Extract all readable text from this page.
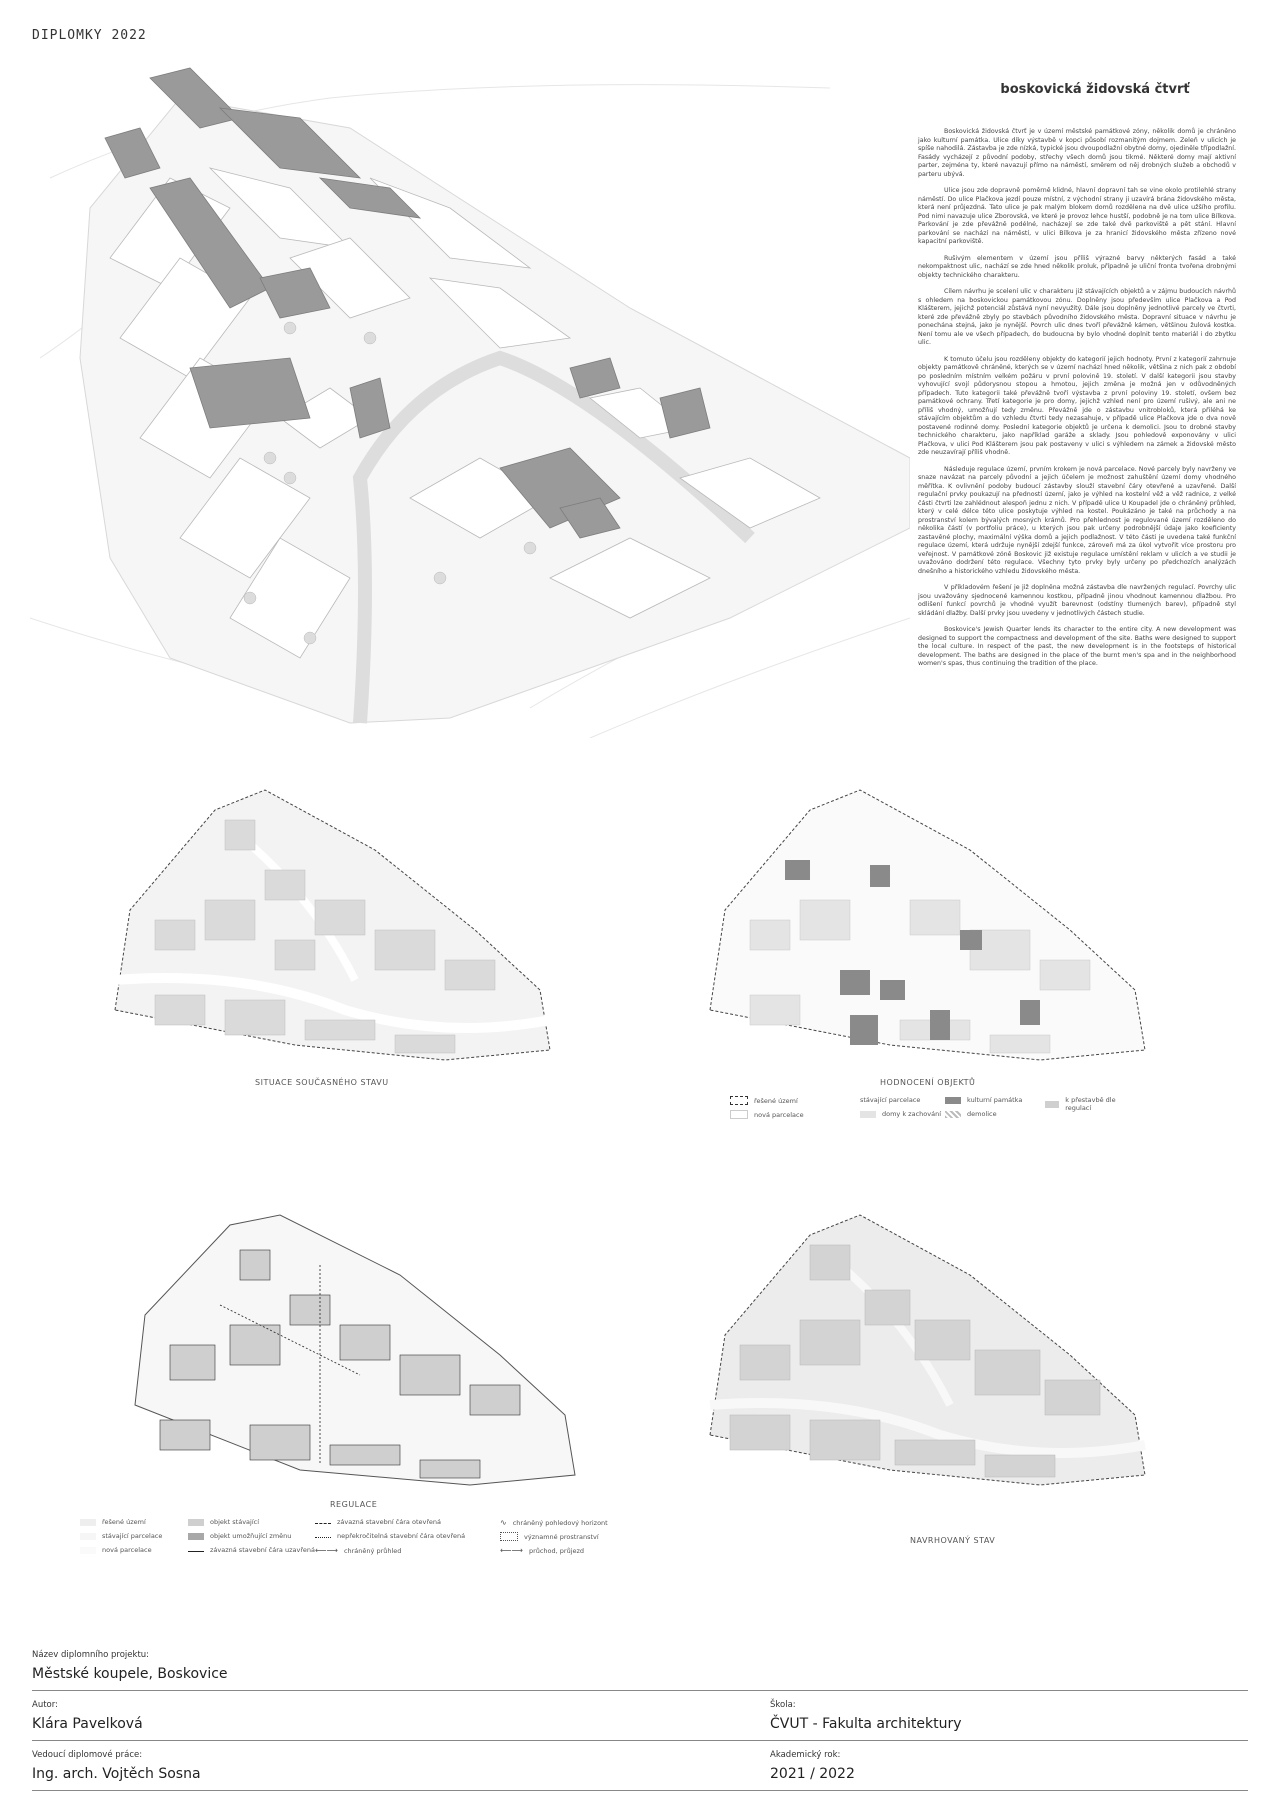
DIPLOMKY 2022
boskovická židovská čtvrť

Boskovická židovská čtvrť je v území městské památkové zóny, několik domů je chráněno jako kulturní památka. Ulice díky výstavbě v kopci působí rozmanitým dojmem. Zeleň v ulicích je spíše nahodilá. Zástavba je zde nízká, typické jsou dvoupodlažní obytné domy, ojediněle třípodlažní. Fasády vycházejí z původní podoby, střechy všech domů jsou tikmé. Některé domy mají aktivní parter, zejména ty, které navazují přímo na náměstí, směrem od něj drobných služeb a obchodů v parteru ubývá.

Ulice jsou zde dopravně poměrně klidné, hlavní dopravní tah se vine okolo protilehlé strany náměstí. Do ulice Plačkova jezdí pouze místní, z východní strany ji uzavírá brána židovského města, která není průjezdná. Tato ulice je pak malým blokem domů rozdělena na dvě ulice užšího profilu. Pod nimi navazuje ulice Zborovská, ve které je provoz lehce hustší, podobně je na tom ulice Bílkova. Parkování je zde převážně podélné, nacházejí se zde také dvě parkoviště a pět stání. Hlavní parkování se nachází na náměstí, v ulici Bílkova je za hranicí židovského města zřízeno nové kapacitní parkoviště.

Rušivým elementem v území jsou příliš výrazné barvy některých fasád a také nekompaktnost ulic, nachází se zde hned několik proluk, případně je uliční fronta tvořena drobnými objekty technického charakteru.

Cílem návrhu je scelení ulic v charakteru již stávajících objektů a v zájmu budoucích návrhů s ohledem na boskovickou památkovou zónu. Doplněny jsou především ulice Plačkova a Pod Klášterem, jejichž potenciál zůstává nyní nevyužitý. Dále jsou doplněny jednotlivé parcely ve čtvrti, které zde převážně zbyly po stavbách původního židovského města. Dopravní situace v návrhu je ponechána stejná, jako je nynější. Povrch ulic dnes tvoří převážně kámen, většinou žulová kostka. Není tomu ale ve všech případech, do budoucna by bylo vhodné doplnit tento materiál i do zbytku ulic.

K tomuto účelu jsou rozděleny objekty do kategorií jejich hodnoty. První z kategorií zahrnuje objekty památkově chráněné, kterých se v území nachází hned několik, většina z nich pak z období po posledním místním velkém požáru v první polovině 19. století. V další kategorii jsou stavby vyhovující svojí půdorysnou stopou a hmotou, jejich změna je možná jen v odůvodněných případech. Tuto kategorii také převážně tvoří výstavba z první poloviny 19. století, ovšem bez památkové ochrany. Třetí kategorie je pro domy, jejichž vzhled není pro území rušivý, ale ani ne příliš vhodný, umožňují tedy změnu. Převážně jde o zástavbu vnitrobloků, která přiléhá ke stávajícím objektům a do vzhledu čtvrti tedy nezasahuje, v případě ulice Plačkova jde o dva nově postavené rodinné domy. Poslední kategorie objektů je určena k demolici. Jsou to drobné stavby technického charakteru, jako například garáže a sklady. Jsou pohledově exponovány v ulici Plačkova, v ulici Pod Klášterem jsou pak postaveny v ulici s výhledem na zámek a židovské město zde neuzavírají příliš vhodně.

Následuje regulace území, prvním krokem je nová parcelace. Nové parcely byly navrženy ve snaze navázat na parcely původní a jejich účelem je možnost zahuštění území domy vhodného měřítka. K ovlivnění podoby budoucí zástavby slouží stavební čáry otevřené a uzavřené. Další regulační prvky poukazují na předností území, jako je výhled na kostelní věž a věž radnice, z velké části čtvrti lze zahlédnout alespoň jednu z nich. V případě ulice U Koupadel jde o chráněný průhled, který v celé délce této ulice poskytuje výhled na kostel. Poukázáno je také na průchody a na prostranství kolem bývalých mosných krámů. Pro přehlednost je regulované území rozděleno do několika částí (v portfoliu práce), u kterých jsou pak určeny podrobnější údaje jako koeficienty zastavěné plochy, maximální výška domů a jejich podlažnost. V této části je uvedena také funkční regulace území, která udržuje nynější zdejší funkce, zároveň má za úkol vytvořit více prostoru pro veřejnost. V památkové zóně Boskovic již existuje regulace umístění reklam v ulicích a ve studii je uvažováno dodržení této regulace. Všechny tyto prvky byly určeny po předchozích analýzách dnešního a historického vzhledu židovského města.

V příkladovém řešení je již doplněna možná zástavba dle navržených regulací. Povrchy ulic jsou uvažovány sjednocené kamennou kostkou, případně jinou vhodnout kamennou dlažbou. Pro odlišení funkcí povrchů je vhodné využít barevnost (odstíny tlumených barev), případně styl skládání dlažby. Další prvky jsou uvedeny v jednotlivých částech studie.

Boskovice's Jewish Quarter lends its character to the entire city. A new development was designed to support the compactness and development of the site. Baths were designed to support the local culture. In respect of the past, the new development is in the footsteps of historical development. The baths are designed in the place of the burnt men's spa and in the neighborhood women's spas, thus continuing the tradition of the place.

SITUACE SOUČASNÉHO STAVU	HODNOCENÍ OBJEKTŮ
řešené území
nová parcelace
stávající parcelace
domy k zachování
kulturní památka
demolice
k přestavbě dle regulací
REGULACE
řešené území
stávající parcelace
nová parcelace
objekt stávající
objekt umožňující změnu
závazná stavební čára uzavřená
závazná stavební čára otevřená
nepřekročitelná stavební čára otevřená
⟵⟶ chráněný průhled
∿ chráněný pohledový horizont
významné prostranství
⟵⟶ průchod, průjezd
NAVRHOVANÝ STAV
Název diplomního projektu:
Městské koupele, Boskovice
Autor:
Klára Pavelková
Škola:
ČVUT - Fakulta architektury
Vedoucí diplomové práce:
Ing. arch. Vojtěch Sosna
Akademický rok:
2021 / 2022
